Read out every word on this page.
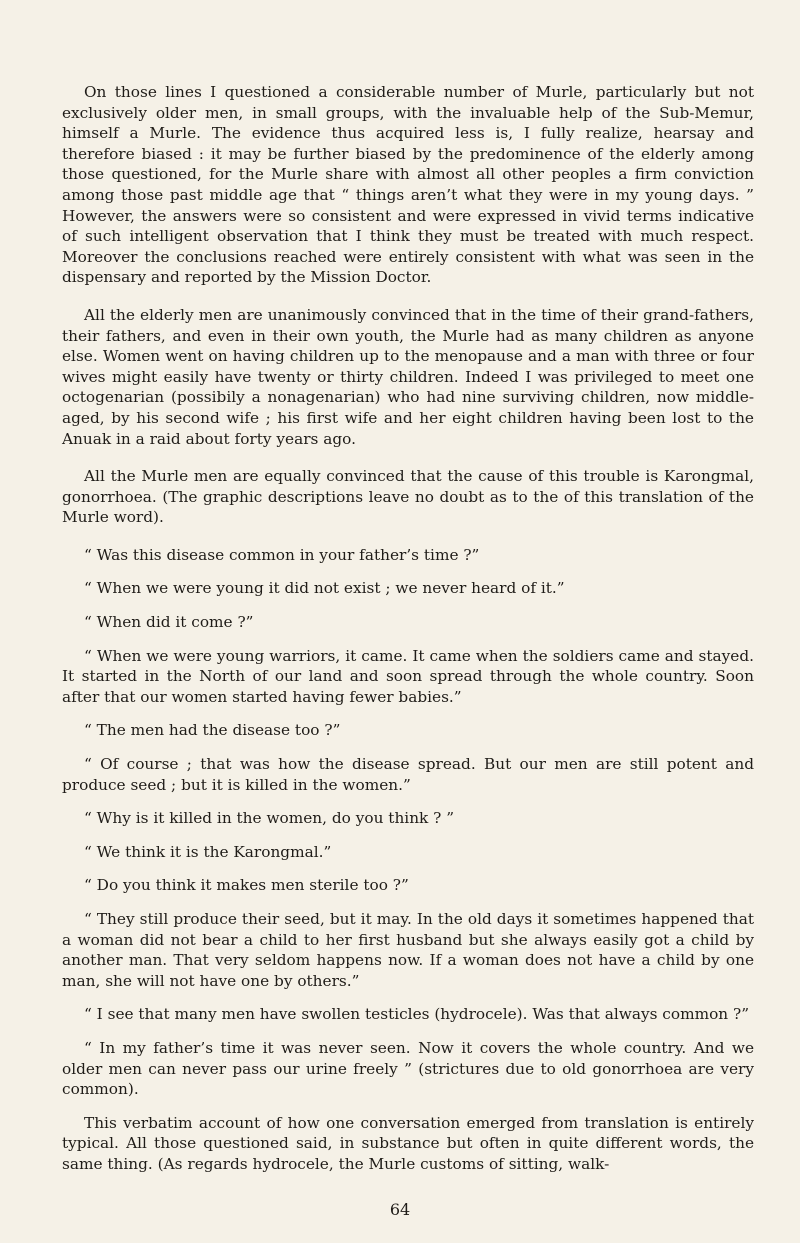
On those lines I questioned a considerable number of Murle, particularly but not exclusively older men, in small groups, with the invaluable help of the Sub-Memur, himself a Murle. The evidence thus acquired less is, I fully realize, hearsay and therefore biased : it may be further biased by the predominence of the elderly among those questioned, for the Murle share with almost all other peoples a firm conviction among those past middle age that “ things aren’t what they were in my young days. ” However, the answers were so consistent and were expressed in vivid terms indicative of such intelligent observation that I think they must be treated with much respect. Moreover the conclusions reached were entirely consistent with what was seen in the dispensary and reported by the Mission Doctor.

All the elderly men are unanimously convinced that in the time of their grand-fathers, their fathers, and even in their own youth, the Murle had as many children as anyone else. Women went on having children up to the menopause and a man with three or four wives might easily have twenty or thirty children. Indeed I was privileged to meet one octogenarian (possibily a nonagenarian) who had nine surviving children, now middle-aged, by his second wife ; his first wife and her eight children having been lost to the Anuak in a raid about forty years ago.

All the Murle men are equally convinced that the cause of this trouble is Karongmal, gonorrhoea. (The graphic descriptions leave no doubt as to the of this translation of the Murle word).

“ Was this disease common in your father’s time ?”

“ When we were young it did not exist ; we never heard of it.”

“ When did it come ?”

“ When we were young warriors, it came. It came when the soldiers came and stayed. It started in the North of our land and soon spread through the whole country. Soon after that our women started having fewer babies.”

“ The men had the disease too ?”

“ Of course ; that was how the disease spread. But our men are still potent and produce seed ; but it is killed in the women.”

“ Why is it killed in the women, do you think ? ”

“ We think it is the Karongmal.”

“ Do you think it makes men sterile too ?”

“ They still produce their seed, but it may. In the old days it sometimes happened that a woman did not bear a child to her first husband but she always easily got a child by another man. That very seldom happens now. If a woman does not have a child by one man, she will not have one by others.”

“ I see that many men have swollen testicles (hydrocele). Was that always common ?”

“ In my father’s time it was never seen. Now it covers the whole country. And we older men can never pass our urine freely ” (strictures due to old gonorrhoea are very common).

This verbatim account of how one conversation emerged from translation is entirely typical. All those questioned said, in substance but often in quite different words, the same thing. (As regards hydrocele, the Murle customs of sitting, walk-

64
